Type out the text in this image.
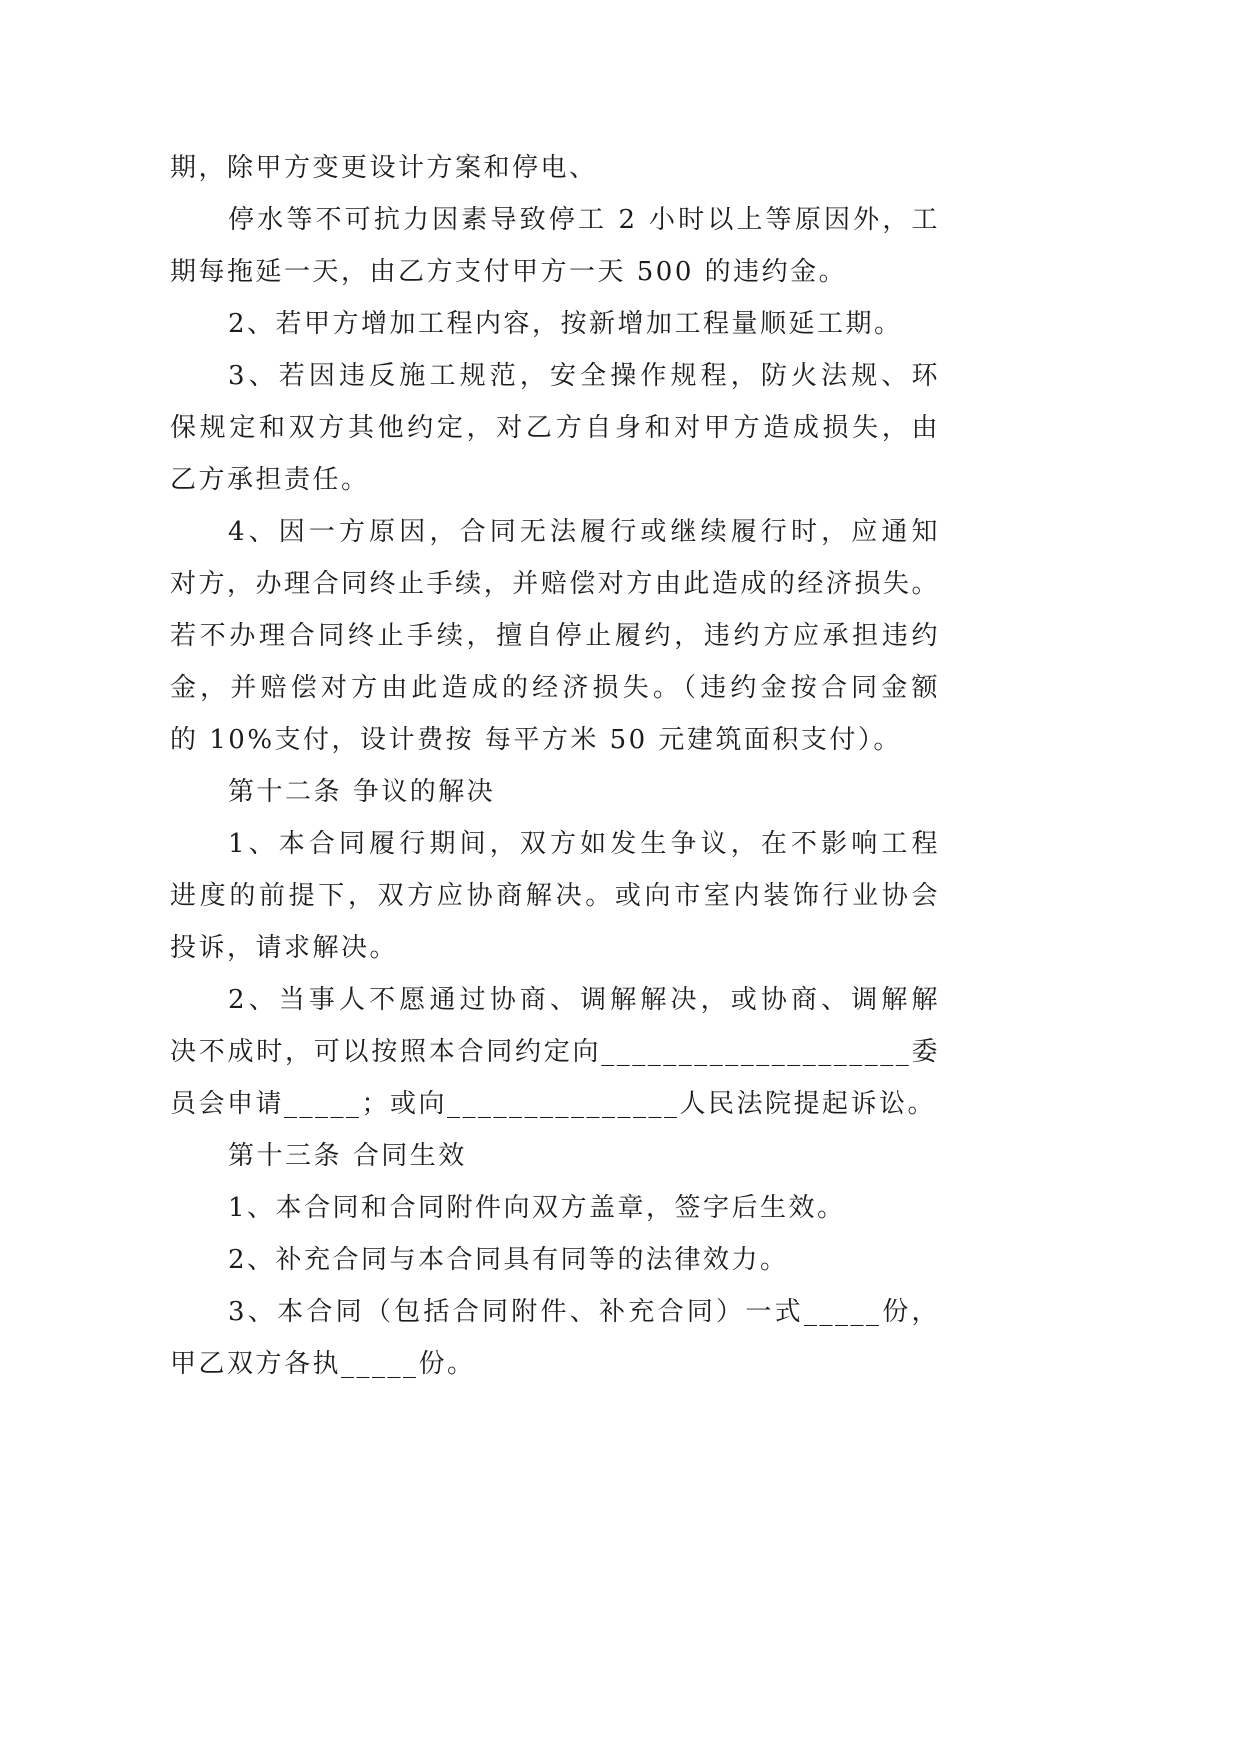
期，除甲方变更设计方案和停电、
停水等不可抗力因素导致停工 2 小时以上等原因外，工
期每拖延一天，由乙方支付甲方一天 500 的违约金。
2、若甲方增加工程内容，按新增加工程量顺延工期。
3、若因违反施工规范，安全操作规程，防火法规、环
保规定和双方其他约定，对乙方自身和对甲方造成损失，由
乙方承担责任。
4、因一方原因，合同无法履行或继续履行时，应通知
对方，办理合同终止手续，并赔偿对方由此造成的经济损失。
若不办理合同终止手续，擅自停止履约，违约方应承担违约
金，并赔偿对方由此造成的经济损失。（违约金按合同金额
的 10%支付，设计费按 每平方米 50 元建筑面积支付）。
第十二条 争议的解决
1、本合同履行期间，双方如发生争议，在不影响工程
进度的前提下，双方应协商解决。或向市室内装饰行业协会
投诉，请求解决。
2、当事人不愿通过协商、调解解决，或协商、调解解
决不成时，可以按照本合同约定向____________________委
员会申请_____；或向_______________人民法院提起诉讼。
第十三条 合同生效
1、本合同和合同附件向双方盖章，签字后生效。
2、补充合同与本合同具有同等的法律效力。
3、本合同（包括合同附件、补充合同）一式_____份，
甲乙双方各执_____份。
